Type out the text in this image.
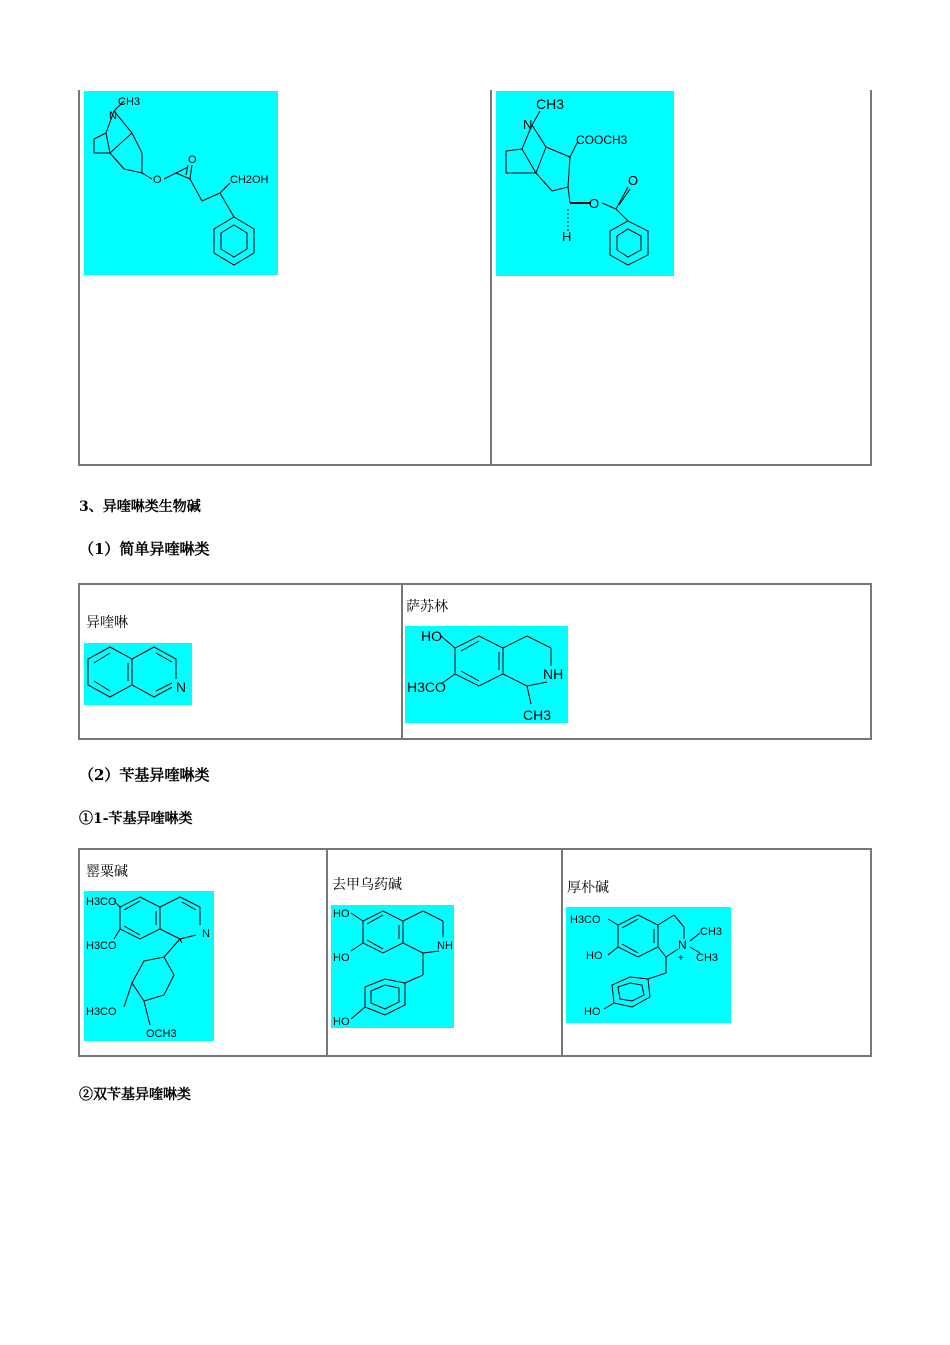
CH3
N
O
O
CH2OH
CH3
N
COOCH3
O
O
H
3、异喹啉类生物碱
（1）简单异喹啉类
异喹啉
萨苏林
N
HO
NH
H3CO
CH3
（2）苄基异喹啉类
①1-苄基异喹啉类
罂粟碱
去甲乌药碱	厚朴碱
H3CO
H3CO
N
H3CO
OCH3
HO
NH
HO
HO
H3CO
N
CH3
+ CH3
HO
HO
②双苄基异喹啉类
